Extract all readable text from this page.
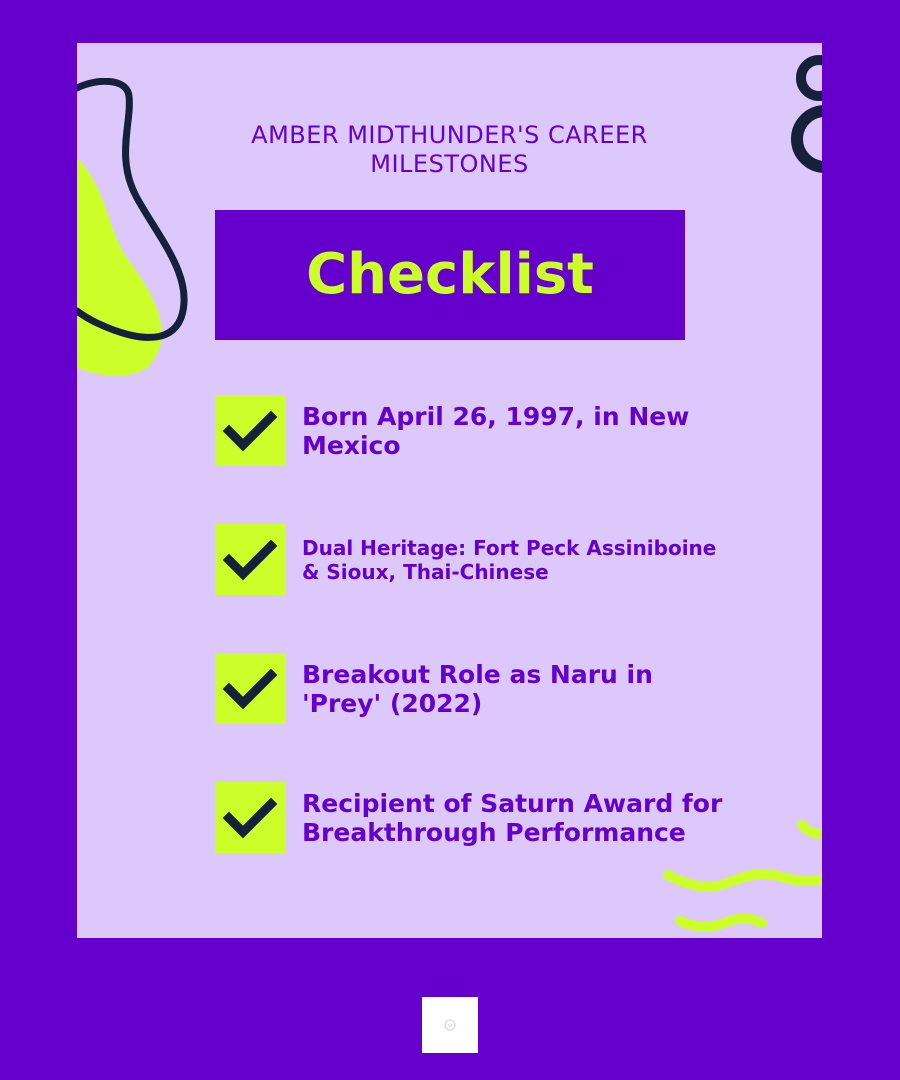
AMBER MIDTHUNDER'S CAREER MILESTONES
Checklist
Born April 26, 1997, in New Mexico
Dual Heritage: Fort Peck Assiniboine & Sioux, Thai-Chinese
Breakout Role as Naru in 'Prey' (2022)
Recipient of Saturn Award for Breakthrough Performance
